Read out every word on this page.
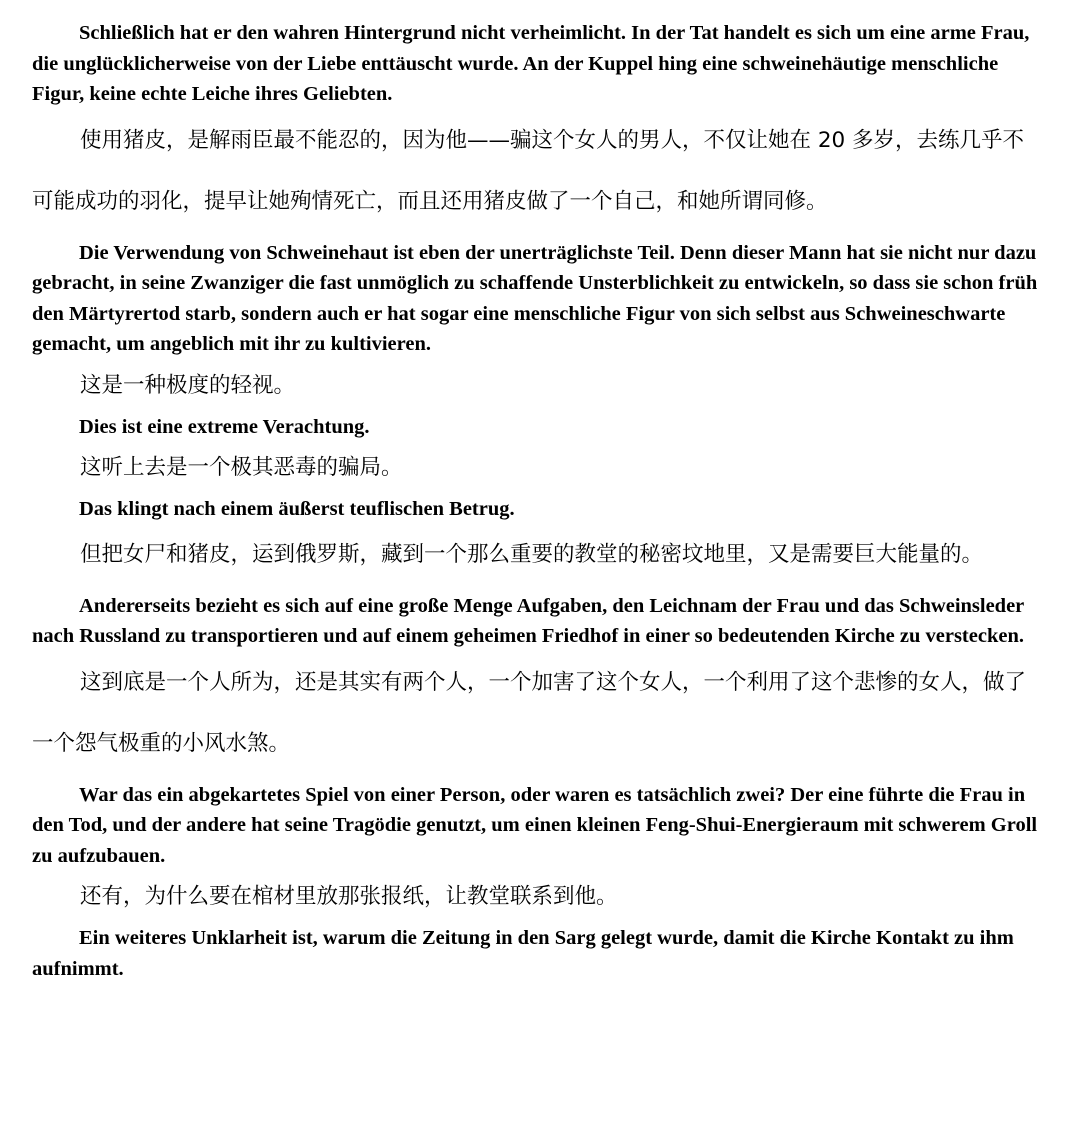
Schließlich hat er den wahren Hintergrund nicht verheimlicht. In der Tat handelt es sich um eine arme Frau, die unglücklicherweise von der Liebe enttäuscht wurde. An der Kuppel hing eine schweinehäutige menschliche Figur, keine echte Leiche ihres Geliebten.

使用猪皮，是解雨臣最不能忍的，因为他——骗这个女人的男人，不仅让她在 20 多岁，去练几乎不可能成功的羽化，提早让她殉情死亡，而且还用猪皮做了一个自己，和她所谓同修。

Die Verwendung von Schweinehaut ist eben der unerträglichste Teil. Denn dieser Mann hat sie nicht nur dazu gebracht, in seine Zwanziger die fast unmöglich zu schaffende Unsterblichkeit zu entwickeln, so dass sie schon früh den Märtyrertod starb, sondern auch er hat sogar eine menschliche Figur von sich selbst aus Schweineschwarte gemacht, um angeblich mit ihr zu kultivieren.

这是一种极度的轻视。

Dies ist eine extreme Verachtung.

这听上去是一个极其恶毒的骗局。

Das klingt nach einem äußerst teuflischen Betrug.

但把女尸和猪皮，运到俄罗斯，藏到一个那么重要的教堂的秘密坟地里，又是需要巨大能量的。

Andererseits bezieht es sich auf eine große Menge Aufgaben, den Leichnam der Frau und das Schweinsleder nach Russland zu transportieren und auf einem geheimen Friedhof in einer so bedeutenden Kirche zu verstecken.

这到底是一个人所为，还是其实有两个人，一个加害了这个女人，一个利用了这个悲惨的女人，做了一个怨气极重的小风水煞。

War das ein abgekartetes Spiel von einer Person, oder waren es tatsächlich zwei? Der eine führte die Frau in den Tod, und der andere hat seine Tragödie genutzt, um einen kleinen Feng-Shui-Energieraum mit schwerem Groll zu aufzubauen.

还有，为什么要在棺材里放那张报纸，让教堂联系到他。

Ein weiteres Unklarheit ist, warum die Zeitung in den Sarg gelegt wurde, damit die Kirche Kontakt zu ihm aufnimmt.
